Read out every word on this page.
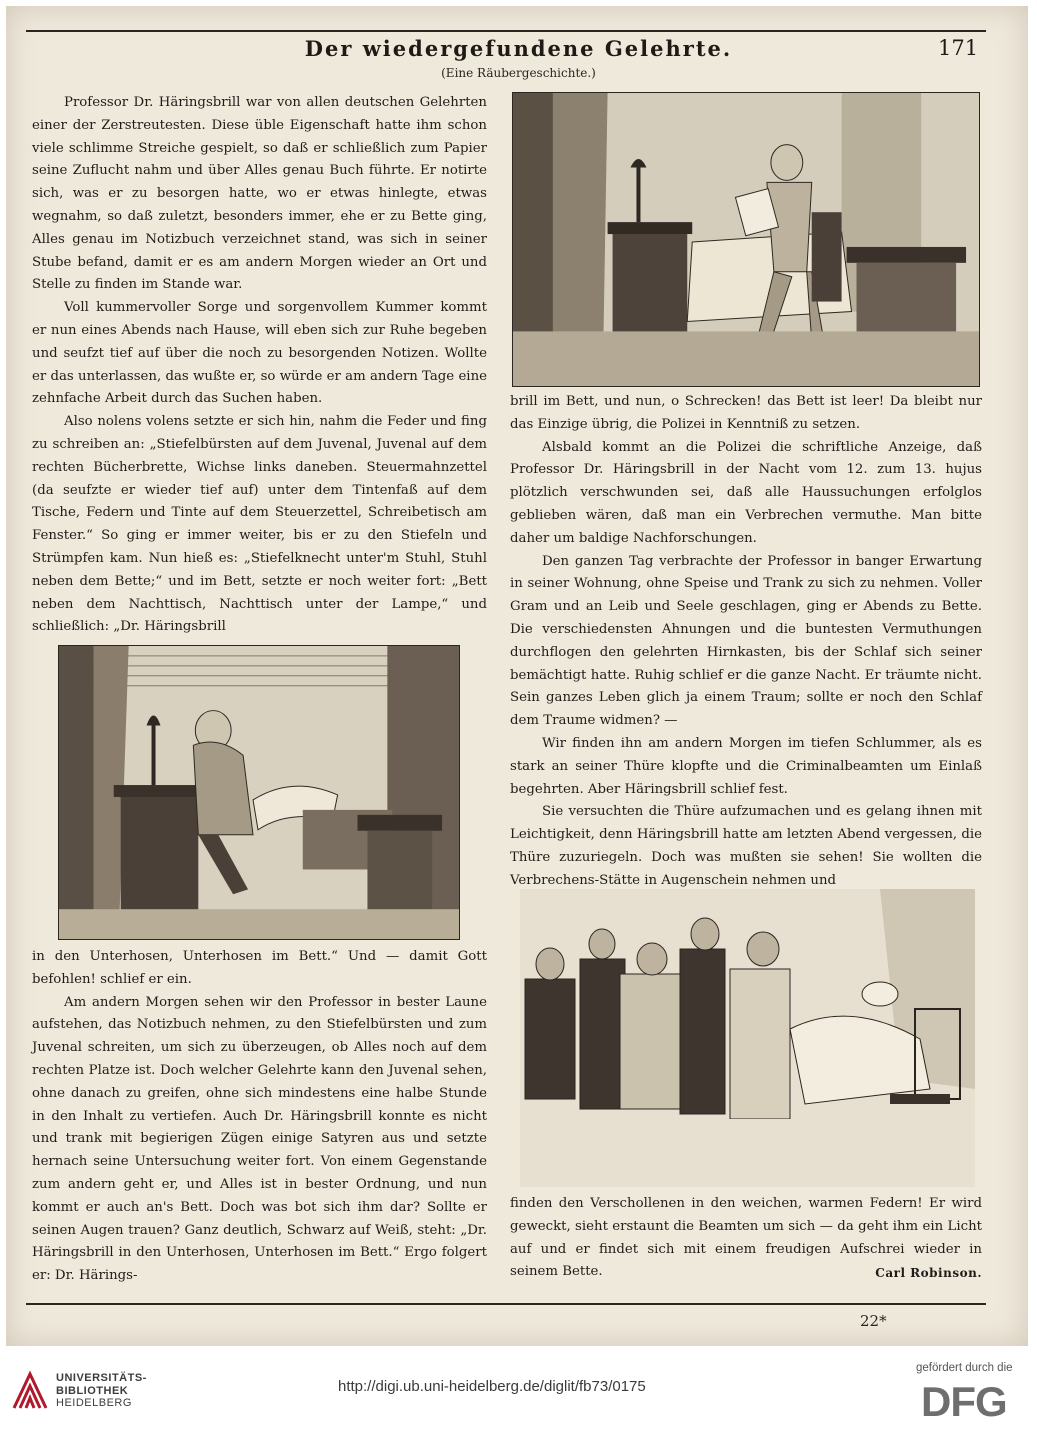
Der wiedergefundene Gelehrte.
(Eine Räubergeschichte.)
171

Professor Dr. Häringsbrill war von allen deutschen Gelehrten einer der Zerstreutesten. Diese üble Eigenschaft hatte ihm schon viele schlimme Streiche gespielt, so daß er schließlich zum Papier seine Zuflucht nahm und über Alles genau Buch führte. Er notirte sich, was er zu besorgen hatte, wo er etwas hinlegte, etwas wegnahm, so daß zuletzt, besonders immer, ehe er zu Bette ging, Alles genau im Notizbuch verzeichnet stand, was sich in seiner Stube befand, damit er es am andern Morgen wieder an Ort und Stelle zu finden im Stande war.

Voll kummervoller Sorge und sorgenvollem Kummer kommt er nun eines Abends nach Hause, will eben sich zur Ruhe begeben und seufzt tief auf über die noch zu besorgenden Notizen. Wollte er das unterlassen, das wußte er, so würde er am andern Tage eine zehnfache Arbeit durch das Suchen haben.

Also nolens volens setzte er sich hin, nahm die Feder und fing zu schreiben an: „Stiefelbürsten auf dem Juvenal, Juvenal auf dem rechten Bücherbrette, Wichse links daneben. Steuermahnzettel (da seufzte er wieder tief auf) unter dem Tintenfaß auf dem Tische, Federn und Tinte auf dem Steuerzettel, Schreibetisch am Fenster.“ So ging er immer weiter, bis er zu den Stiefeln und Strümpfen kam. Nun hieß es: „Stiefelknecht unter'm Stuhl, Stuhl neben dem Bette;“ und im Bett, setzte er noch weiter fort: „Bett neben dem Nachttisch, Nachttisch unter der Lampe,“ und schließlich: „Dr. Häringsbrill

in den Unterhosen, Unterhosen im Bett.“ Und — damit Gott befohlen! schlief er ein.

Am andern Morgen sehen wir den Professor in bester Laune aufstehen, das Notizbuch nehmen, zu den Stiefelbürsten und zum Juvenal schreiten, um sich zu überzeugen, ob Alles noch auf dem rechten Platze ist. Doch welcher Gelehrte kann den Juvenal sehen, ohne danach zu greifen, ohne sich mindestens eine halbe Stunde in den Inhalt zu vertiefen. Auch Dr. Häringsbrill konnte es nicht und trank mit begierigen Zügen einige Satyren aus und setzte hernach seine Untersuchung weiter fort. Von einem Gegenstande zum andern geht er, und Alles ist in bester Ordnung, und nun kommt er auch an's Bett. Doch was bot sich ihm dar? Sollte er seinen Augen trauen? Ganz deutlich, Schwarz auf Weiß, steht: „Dr. Häringsbrill in den Unterhosen, Unterhosen im Bett.“ Ergo folgert er: Dr. Härings-

brill im Bett, und nun, o Schrecken! das Bett ist leer! Da bleibt nur das Einzige übrig, die Polizei in Kenntniß zu setzen.

Alsbald kommt an die Polizei die schriftliche Anzeige, daß Professor Dr. Häringsbrill in der Nacht vom 12. zum 13. hujus plötzlich verschwunden sei, daß alle Haussuchungen erfolglos geblieben wären, daß man ein Verbrechen vermuthe. Man bitte daher um baldige Nachforschungen.

Den ganzen Tag verbrachte der Professor in banger Erwartung in seiner Wohnung, ohne Speise und Trank zu sich zu nehmen. Voller Gram und an Leib und Seele geschlagen, ging er Abends zu Bette. Die verschiedensten Ahnungen und die buntesten Vermuthungen durchflogen den gelehrten Hirnkasten, bis der Schlaf sich seiner bemächtigt hatte. Ruhig schlief er die ganze Nacht. Er träumte nicht. Sein ganzes Leben glich ja einem Traum; sollte er noch den Schlaf dem Traume widmen? —

Wir finden ihn am andern Morgen im tiefen Schlummer, als es stark an seiner Thüre klopfte und die Criminalbeamten um Einlaß begehrten. Aber Häringsbrill schlief fest.

Sie versuchten die Thüre aufzumachen und es gelang ihnen mit Leichtigkeit, denn Häringsbrill hatte am letzten Abend vergessen, die Thüre zuzuriegeln. Doch was mußten sie sehen! Sie wollten die Verbrechens-Stätte in Augenschein nehmen und

finden den Verschollenen in den weichen, warmen Federn! Er wird geweckt, sieht erstaunt die Beamten um sich — da geht ihm ein Licht auf und er findet sich mit einem freudigen Aufschrei wieder in seinem Bette.	Carl Robinson.
22*
UNIVERSITÄTS-
BIBLIOTHEK
HEIDELBERG
http://digi.ub.uni-heidelberg.de/diglit/fb73/0175
gefördert durch die
DFG
